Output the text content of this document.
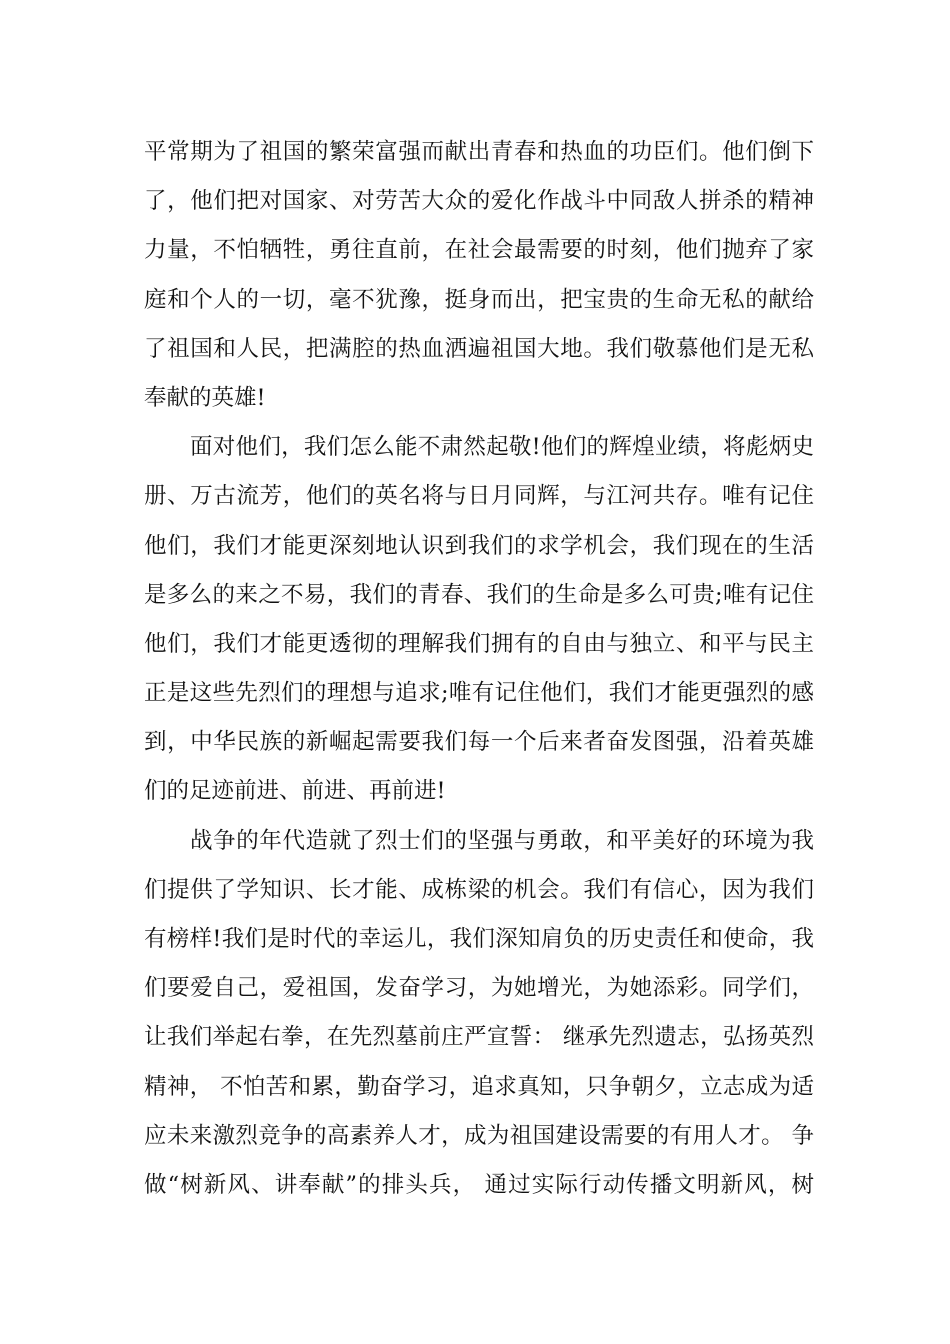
平常期为了祖国的繁荣富强而献出青春和热血的功臣们。他们倒下
了，他们把对国家、对劳苦大众的爱化作战斗中同敌人拼杀的精神
力量，不怕牺牲，勇往直前，在社会最需要的时刻，他们抛弃了家
庭和个人的一切，毫不犹豫，挺身而出，把宝贵的生命无私的献给
了祖国和人民，把满腔的热血洒遍祖国大地。我们敬慕他们是无私
奉献的英雄!
面对他们，我们怎么能不肃然起敬!他们的辉煌业绩，将彪炳史
册、万古流芳，他们的英名将与日月同辉，与江河共存。唯有记住
他们，我们才能更深刻地认识到我们的求学机会，我们现在的生活
是多么的来之不易，我们的青春、我们的生命是多么可贵;唯有记住
他们，我们才能更透彻的理解我们拥有的自由与独立、和平与民主
正是这些先烈们的理想与追求;唯有记住他们，我们才能更强烈的感
到，中华民族的新崛起需要我们每一个后来者奋发图强，沿着英雄
们的足迹前进、前进、再前进!
战争的年代造就了烈士们的坚强与勇敢，和平美好的环境为我
们提供了学知识、长才能、成栋梁的机会。我们有信心，因为我们
有榜样!我们是时代的幸运儿，我们深知肩负的历史责任和使命，我
们要爱自己，爱祖国，发奋学习，为她增光，为她添彩。同学们，
让我们举起右拳，在先烈墓前庄严宣誓： 继承先烈遗志，弘扬英烈
精神， 不怕苦和累，勤奋学习，追求真知，只争朝夕，立志成为适
应未来激烈竞争的高素养人才，成为祖国建设需要的有用人才。 争
做“树新风、讲奉献”的排头兵， 通过实际行动传播文明新风，树
